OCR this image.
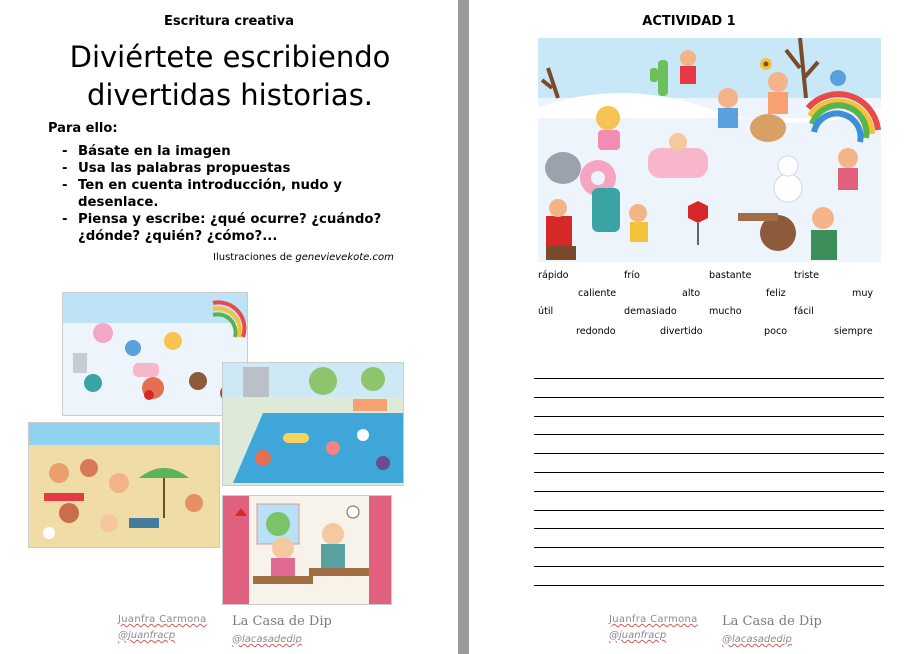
Escritura creativa
Diviértete escribiendo divertidas historias.
Para ello:
- Básate en la imagen
- Usa las palabras propuestas
- Ten en cuenta introducción, nudo y desenlace.
- Piensa y escribe: ¿qué ocurre? ¿cuándo? ¿dónde? ¿quién? ¿cómo?...
Ilustraciones de genevievekote.com
Juanfra Carmona
@juanfracp
La Casa de Dip
@lacasadedip
ACTIVIDAD 1
rápido	frío	bastante	triste
caliente	alto	feliz	muy
útil	demasiado	mucho	fácil
redondo	divertido	poco	siempre
Juanfra Carmona
@juanfracp
La Casa de Dip
@lacasadedip
